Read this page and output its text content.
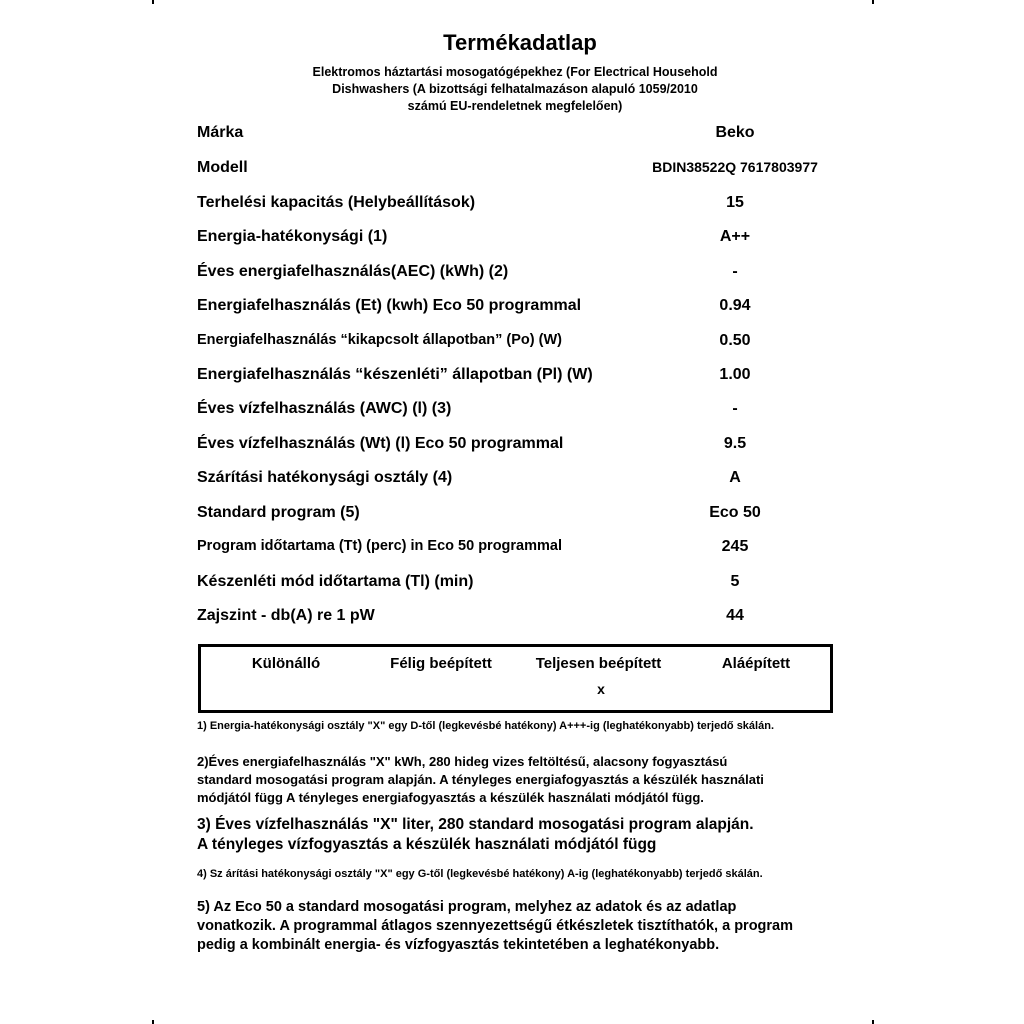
Termékadatlap
Elektromos háztartási mosogatógépekhez (For Electrical Household
Dishwashers (A bizottsági felhatalmazáson alapuló 1059/2010
számú EU-rendeletnek megfelelően)
Márka	Beko
Modell	BDIN38522Q 7617803977
Terhelési kapacitás (Helybeállítások)	15
Energia-hatékonysági (1)	A++
Éves energiafelhasználás(AEC) (kWh) (2)	-
Energiafelhasználás (Et) (kwh) Eco 50 programmal	0.94
Energiafelhasználás “kikapcsolt állapotban” (Po) (W)	0.50
Energiafelhasználás “készenléti” állapotban (Pl) (W)	1.00
Éves vízfelhasználás (AWC) (l) (3)	-
Éves vízfelhasználás (Wt) (l) Eco 50 programmal	9.5
Szárítási hatékonysági osztály (4)	A
Standard program (5)	Eco 50
Program időtartama (Tt) (perc) in Eco 50 programmal	245
Készenléti mód időtartama (Tl) (min)	5
Zajszint - db(A) re 1 pW	44
Különálló	Félig beépített	Teljesen beépített	Aláépített
x
1) Energia-hatékonysági osztály "X" egy D-től (legkevésbé hatékony) A+++-ig (leghatékonyabb) terjedő skálán.
2)Éves energiafelhasználás "X" kWh, 280 hideg vizes feltöltésű, alacsony fogyasztású
standard mosogatási program alapján. A tényleges energiafogyasztás a készülék használati
módjától függ A tényleges energiafogyasztás a készülék használati módjától függ.
3) Éves vízfelhasználás "X" liter, 280 standard mosogatási program alapján.
A tényleges vízfogyasztás a készülék használati módjától függ
4) Sz árítási hatékonysági osztály "X" egy G-től (legkevésbé hatékony) A-ig (leghatékonyabb) terjedő skálán.
5) Az Eco 50 a standard mosogatási program, melyhez az adatok és az adatlap
vonatkozik. A programmal átlagos szennyezettségű étkészletek tisztíthatók, a program
pedig a kombinált energia- és vízfogyasztás tekintetében a leghatékonyabb.
